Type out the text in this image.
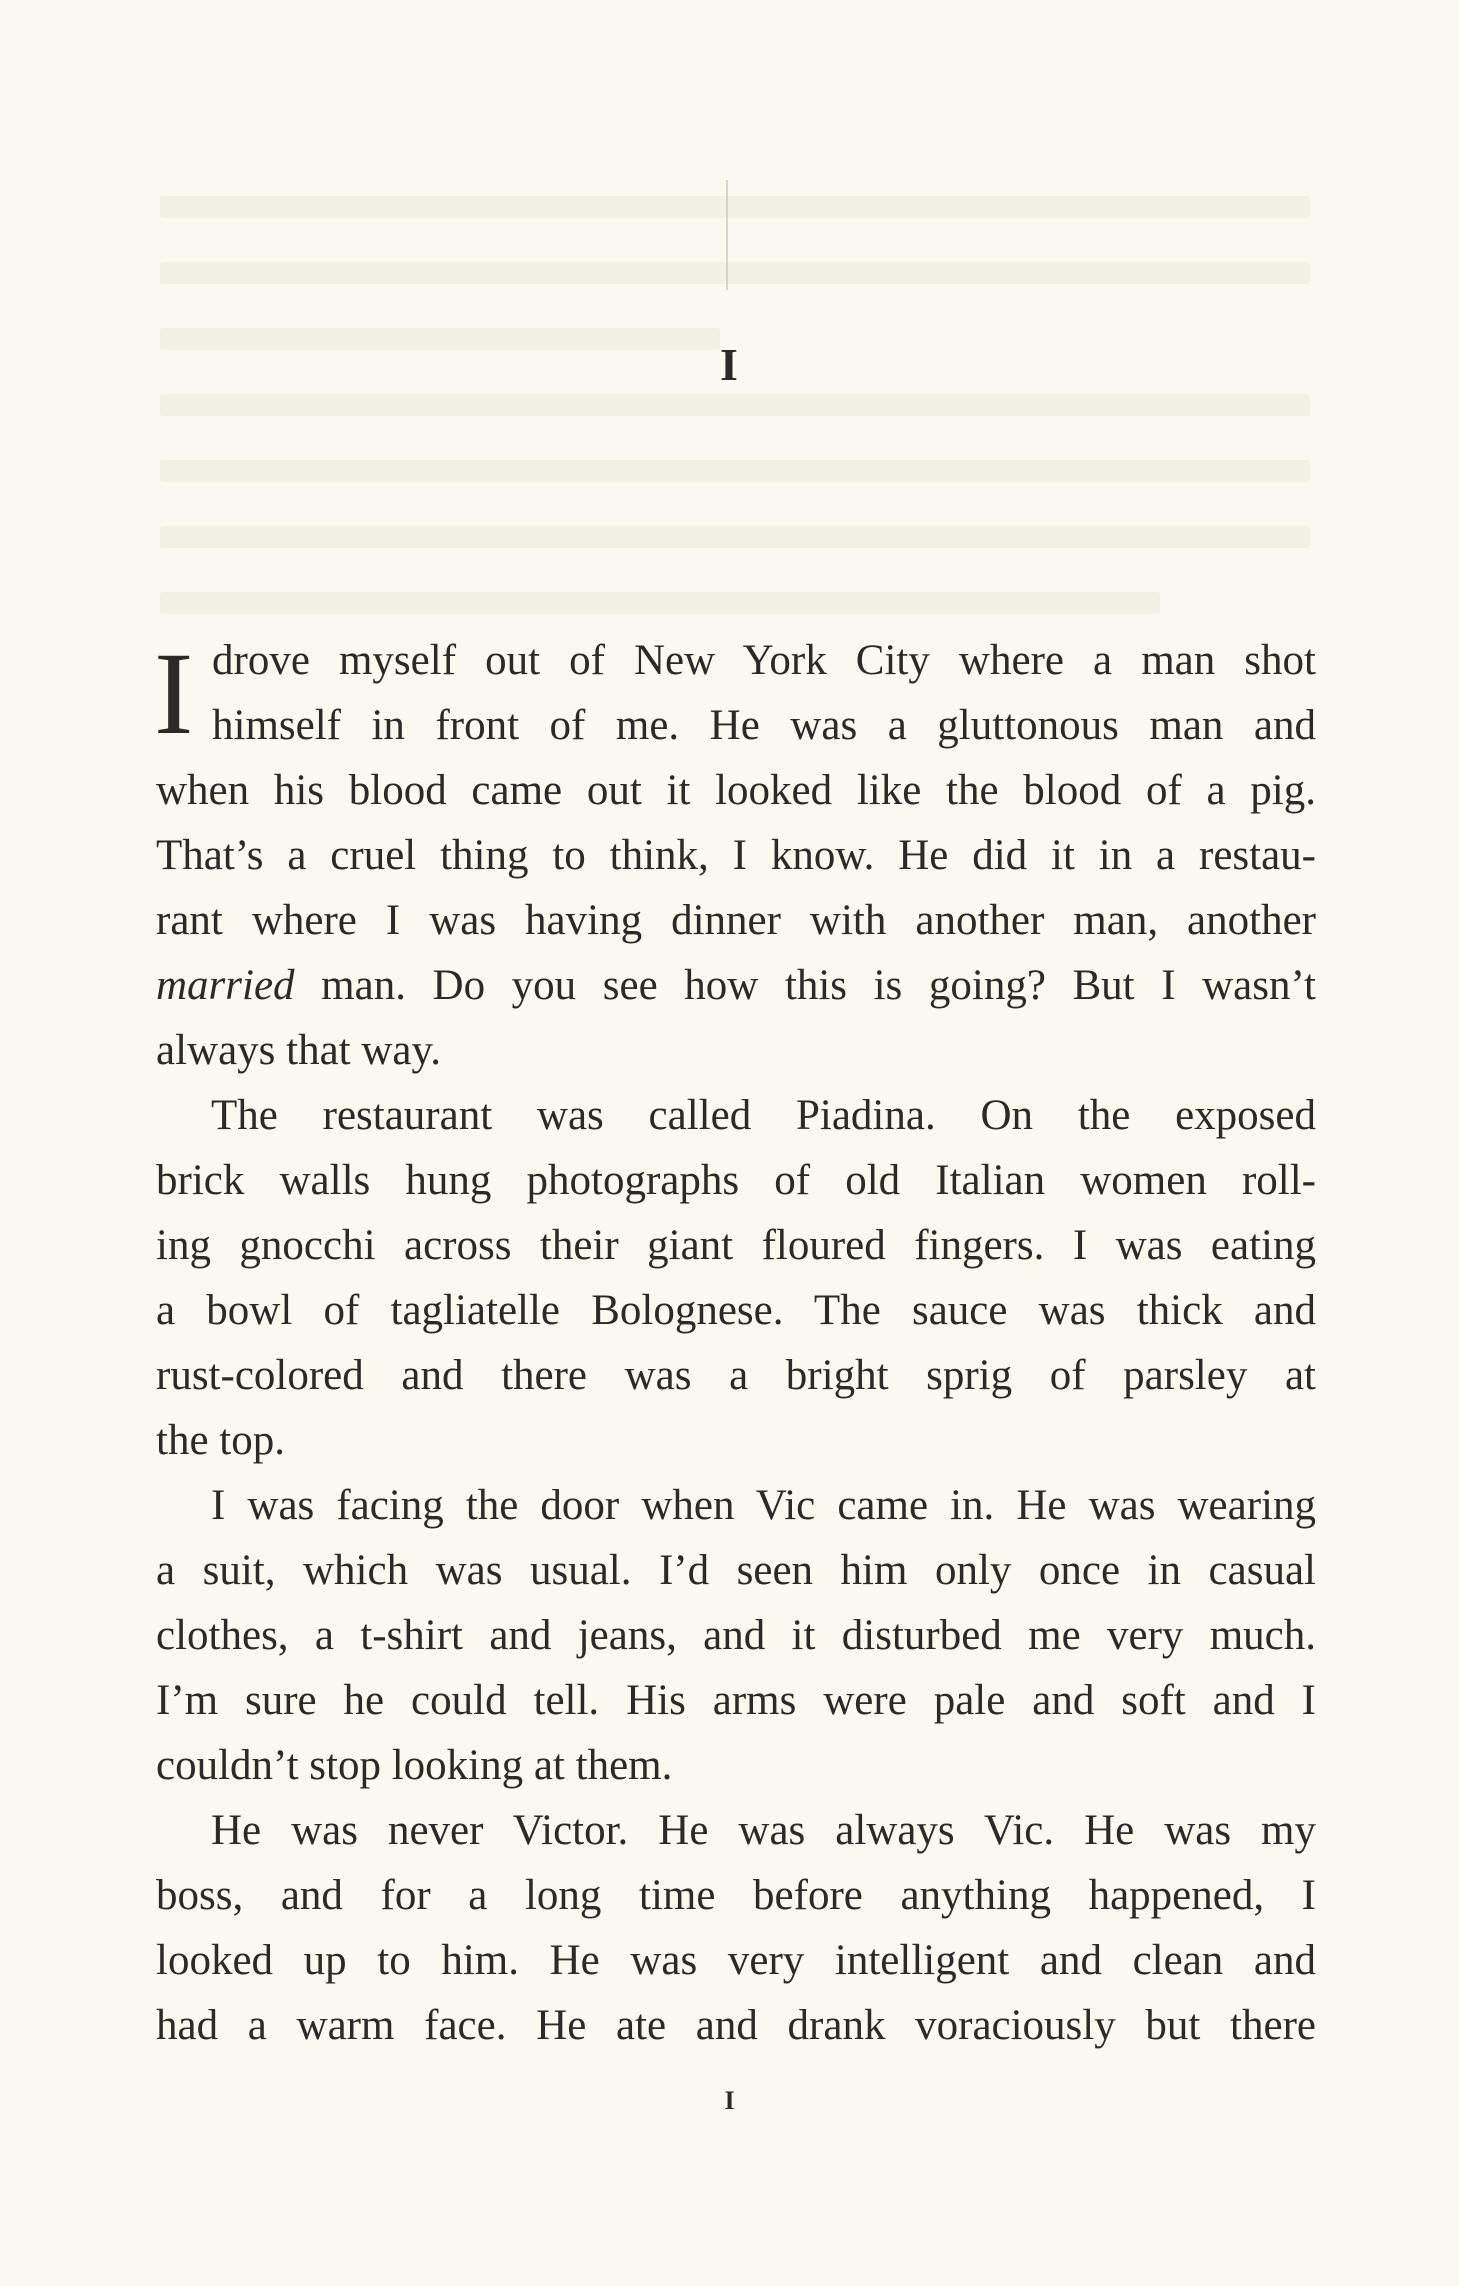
I

I drove myself out of New York City where a man shot
himself in front of me. He was a gluttonous man and
when his blood came out it looked like the blood of a pig.
That’s a cruel thing to think, I know. He did it in a restau-
rant where I was having dinner with another man, another
married man. Do you see how this is going? But I wasn’t
always that way.

The restaurant was called Piadina. On the exposed
brick walls hung photographs of old Italian women roll-
ing gnocchi across their giant floured fingers. I was eating
a bowl of tagliatelle Bolognese. The sauce was thick and
rust-colored and there was a bright sprig of parsley at
the top.

I was facing the door when Vic came in. He was wearing
a suit, which was usual. I’d seen him only once in casual
clothes, a t-shirt and jeans, and it disturbed me very much.
I’m sure he could tell. His arms were pale and soft and I
couldn’t stop looking at them.

He was never Victor. He was always Vic. He was my
boss, and for a long time before anything happened, I
looked up to him. He was very intelligent and clean and
had a warm face. He ate and drank voraciously but there

I
